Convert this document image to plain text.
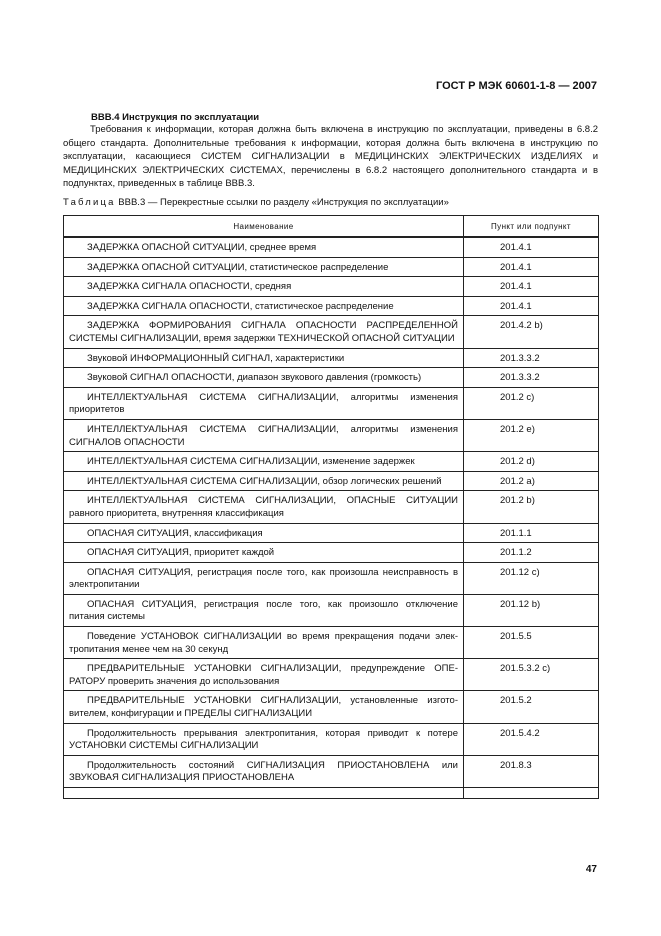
ГОСТ Р МЭК 60601-1-8 — 2007
ВВВ.4 Инструкция по эксплуатации
Требования к информации, которая должна быть включена в инструкцию по эксплуатации, приведены в 6.8.2 общего стандарта. Дополнительные требования к информации, которая должна быть включена в инструкцию по эксплуатации, касающиеся СИСТЕМ СИГНАЛИЗАЦИИ в МЕДИЦИНСКИХ ЭЛЕКТРИЧЕСКИХ ИЗДЕЛИЯХ и МЕДИЦИНСКИХ ЭЛЕКТРИЧЕСКИХ СИСТЕМАХ, перечислены в 6.8.2 настоящего дополнительного стандарта и в подпунктах, приведенных в таблице ВВВ.3.
Таблица ВВВ.3 — Перекрестные ссылки по разделу «Инструкция по эксплуатации»
Наименование	Пункт или подпункт
ЗАДЕРЖКА ОПАСНОЙ СИТУАЦИИ, среднее время	201.4.1
ЗАДЕРЖКА ОПАСНОЙ СИТУАЦИИ, статистическое распределение	201.4.1
ЗАДЕРЖКА СИГНАЛА ОПАСНОСТИ, средняя	201.4.1
ЗАДЕРЖКА СИГНАЛА ОПАСНОСТИ, статистическое распределение	201.4.1
ЗАДЕРЖКА ФОРМИРОВАНИЯ СИГНАЛА ОПАСНОСТИ РАСПРЕДЕЛЕННОЙ СИСТЕМЫ СИГНАЛИЗАЦИИ, время задержки ТЕХНИЧЕСКОЙ ОПАСНОЙ СИТУАЦИИ	201.4.2 b)
Звуковой ИНФОРМАЦИОННЫЙ СИГНАЛ, характеристики	201.3.3.2
Звуковой СИГНАЛ ОПАСНОСТИ, диапазон звукового давления (громкость)	201.3.3.2
ИНТЕЛЛЕКТУАЛЬНАЯ СИСТЕМА СИГНАЛИЗАЦИИ, алгоритмы изменения приоритетов	201.2 с)
ИНТЕЛЛЕКТУАЛЬНАЯ СИСТЕМА СИГНАЛИЗАЦИИ, алгоритмы изменения СИГНАЛОВ ОПАСНОСТИ	201.2 е)
ИНТЕЛЛЕКТУАЛЬНАЯ СИСТЕМА СИГНАЛИЗАЦИИ, изменение задержек	201.2 d)
ИНТЕЛЛЕКТУАЛЬНАЯ СИСТЕМА СИГНАЛИЗАЦИИ, обзор логических решений	201.2 а)
ИНТЕЛЛЕКТУАЛЬНАЯ СИСТЕМА СИГНАЛИЗАЦИИ, ОПАСНЫЕ СИТУАЦИИ равного приоритета, внутренняя классификация	201.2 b)
ОПАСНАЯ СИТУАЦИЯ, классификация	201.1.1
ОПАСНАЯ СИТУАЦИЯ, приоритет каждой	201.1.2
ОПАСНАЯ СИТУАЦИЯ, регистрация после того, как произошла неисправность в электропитании	201.12 с)
ОПАСНАЯ СИТУАЦИЯ, регистрация после того, как произошло отключение питания системы	201.12 b)
Поведение УСТАНОВОК СИГНАЛИЗАЦИИ во время прекращения подачи электропитания менее чем на 30 секунд	201.5.5
ПРЕДВАРИТЕЛЬНЫЕ УСТАНОВКИ СИГНАЛИЗАЦИИ, предупреждение ОПЕРАТОРУ проверить значения до использования	201.5.3.2 с)
ПРЕДВАРИТЕЛЬНЫЕ УСТАНОВКИ СИГНАЛИЗАЦИИ, установленные изготовителем, конфигурации и ПРЕДЕЛЫ СИГНАЛИЗАЦИИ	201.5.2
Продолжительность прерывания электропитания, которая приводит к потере УСТАНОВКИ СИСТЕМЫ СИГНАЛИЗАЦИИ	201.5.4.2
Продолжительность состояний СИГНАЛИЗАЦИЯ ПРИОСТАНОВЛЕНА или ЗВУКОВАЯ СИГНАЛИЗАЦИЯ ПРИОСТАНОВЛЕНА	201.8.3

47
